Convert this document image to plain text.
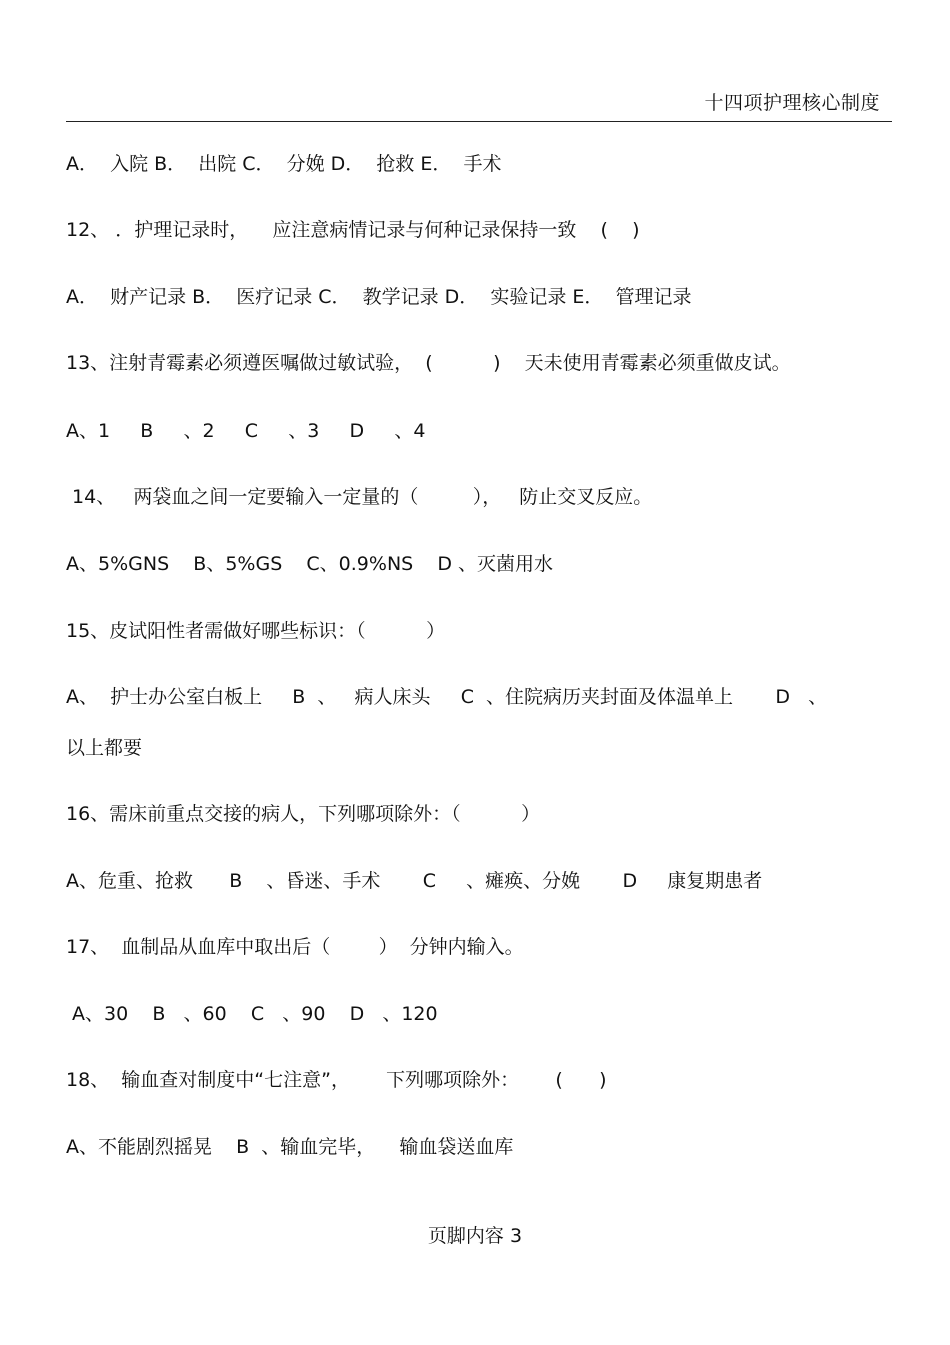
十四项护理核心制度
A．  入院 B．  出院 C．  分娩 D．  抢救 E．  手术
12、 ．护理记录时，    应注意病情记录与何种记录保持一致    (    )
A．  财产记录 B．  医疗记录 C．  教学记录 D．  实验记录 E．  管理记录
13、注射青霉素必须遵医嘱做过敏试验，  (          )    天未使用青霉素必须重做皮试。
A、1     B     、2     C     、3     D     、4
14、   两袋血之间一定要输入一定量的（         ），   防止交叉反应。
A、5%GNS    B、5%GS    C、0.9%NS    D 、灭菌用水
15、皮试阳性者需做好哪些标识：（          ）
A、  护士办公室白板上     B  、   病人床头     C  、住院病历夹封面及体温单上       D   、
以上都要
16、需床前重点交接的病人，下列哪项除外：（          ）
A、危重、抢救      B    、昏迷、手术       C     、瘫痪、分娩       D     康复期患者
17、  血制品从血库中取出后（        ）  分钟内输入。
A、30    B   、60    C   、90    D   、120
18、  输血查对制度中“七注意”，      下列哪项除外：      (      )
A、不能剧烈摇晃    B  、输血完毕，    输血袋送血库
页脚内容 3
